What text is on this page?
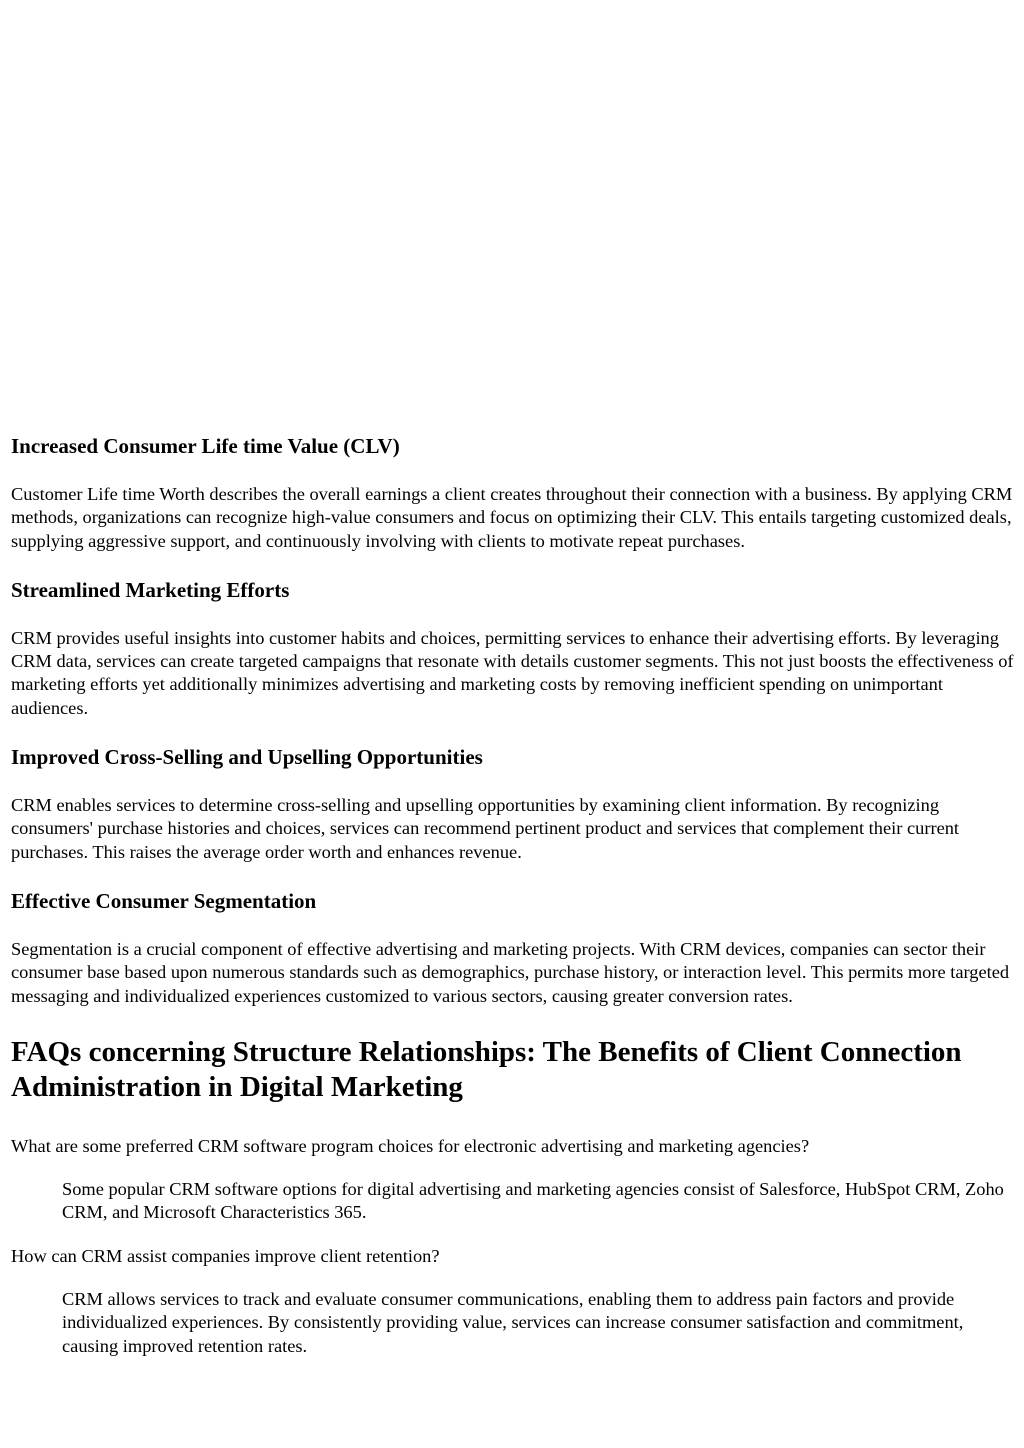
Increased Consumer Life time Value (CLV)

Customer Life time Worth describes the overall earnings a client creates throughout their connection with a business. By applying CRM methods, organizations can recognize high-value consumers and focus on optimizing their CLV. This entails targeting customized deals, supplying aggressive support, and continuously involving with clients to motivate repeat purchases.

Streamlined Marketing Efforts

CRM provides useful insights into customer habits and choices, permitting services to enhance their advertising efforts. By leveraging CRM data, services can create targeted campaigns that resonate with details customer segments. This not just boosts the effectiveness of marketing efforts yet additionally minimizes advertising and marketing costs by removing inefficient spending on unimportant audiences.

Improved Cross-Selling and Upselling Opportunities

CRM enables services to determine cross-selling and upselling opportunities by examining client information. By recognizing consumers' purchase histories and choices, services can recommend pertinent product and services that complement their current purchases. This raises the average order worth and enhances revenue.

Effective Consumer Segmentation

Segmentation is a crucial component of effective advertising and marketing projects. With CRM devices, companies can sector their consumer base based upon numerous standards such as demographics, purchase history, or interaction level. This permits more targeted messaging and individualized experiences customized to various sectors, causing greater conversion rates.

FAQs concerning Structure Relationships: The Benefits of Client Connection Administration in Digital Marketing

What are some preferred CRM software program choices for electronic advertising and marketing agencies?

Some popular CRM software options for digital advertising and marketing agencies consist of Salesforce, HubSpot CRM, Zoho CRM, and Microsoft Characteristics 365.

How can CRM assist companies improve client retention?

CRM allows services to track and evaluate consumer communications, enabling them to address pain factors and provide individualized experiences. By consistently providing value, services can increase consumer satisfaction and commitment, causing improved retention rates.
